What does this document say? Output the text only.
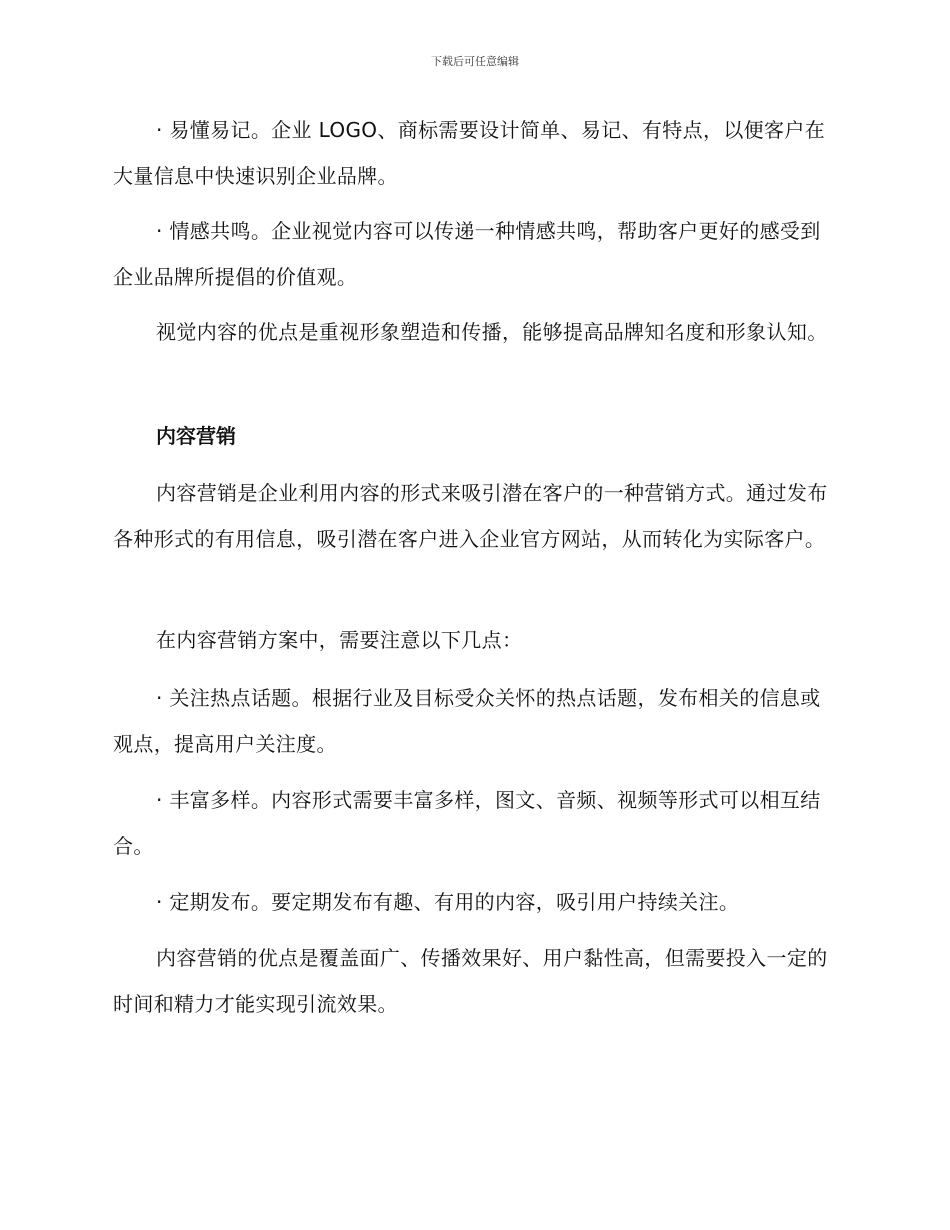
下载后可任意编辑

· 易懂易记。企业 LOGO、商标需要设计简单、易记、有特点，以便客户在大量信息中快速识别企业品牌。

· 情感共鸣。企业视觉内容可以传递一种情感共鸣，帮助客户更好的感受到企业品牌所提倡的价值观。

视觉内容的优点是重视形象塑造和传播，能够提高品牌知名度和形象认知。

内容营销

内容营销是企业利用内容的形式来吸引潜在客户的一种营销方式。通过发布各种形式的有用信息，吸引潜在客户进入企业官方网站，从而转化为实际客户。

在内容营销方案中，需要注意以下几点：

· 关注热点话题。根据行业及目标受众关怀的热点话题，发布相关的信息或观点，提高用户关注度。

· 丰富多样。内容形式需要丰富多样，图文、音频、视频等形式可以相互结合。

· 定期发布。要定期发布有趣、有用的内容，吸引用户持续关注。

内容营销的优点是覆盖面广、传播效果好、用户黏性高，但需要投入一定的时间和精力才能实现引流效果。
